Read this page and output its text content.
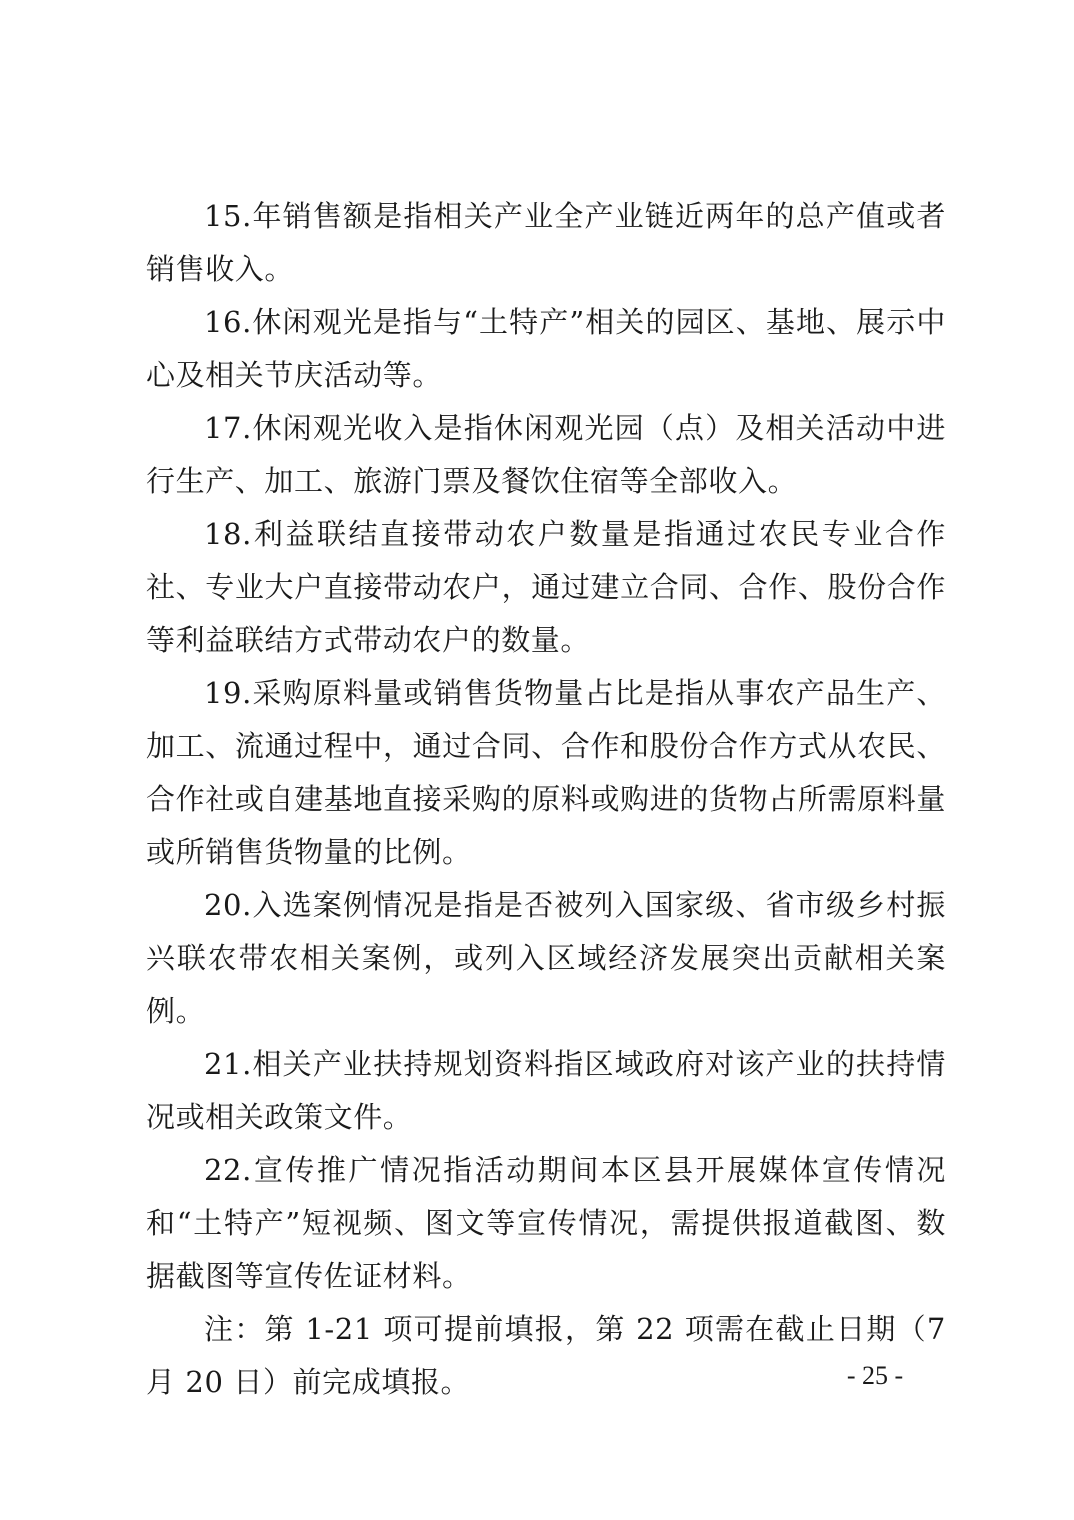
15.年销售额是指相关产业全产业链近两年的总产值或者销售收入。

16.休闲观光是指与“土特产”相关的园区、基地、展示中心及相关节庆活动等。

17.休闲观光收入是指休闲观光园（点）及相关活动中进行生产、加工、旅游门票及餐饮住宿等全部收入。

18.利益联结直接带动农户数量是指通过农民专业合作社、专业大户直接带动农户，通过建立合同、合作、股份合作等利益联结方式带动农户的数量。

19.采购原料量或销售货物量占比是指从事农产品生产、加工、流通过程中，通过合同、合作和股份合作方式从农民、合作社或自建基地直接采购的原料或购进的货物占所需原料量或所销售货物量的比例。

20.入选案例情况是指是否被列入国家级、省市级乡村振兴联农带农相关案例，或列入区域经济发展突出贡献相关案例。

21.相关产业扶持规划资料指区域政府对该产业的扶持情况或相关政策文件。

22.宣传推广情况指活动期间本区县开展媒体宣传情况和“土特产”短视频、图文等宣传情况，需提供报道截图、数据截图等宣传佐证材料。

注：第 1-21 项可提前填报，第 22 项需在截止日期（7 月 20 日）前完成填报。	- 25 -
